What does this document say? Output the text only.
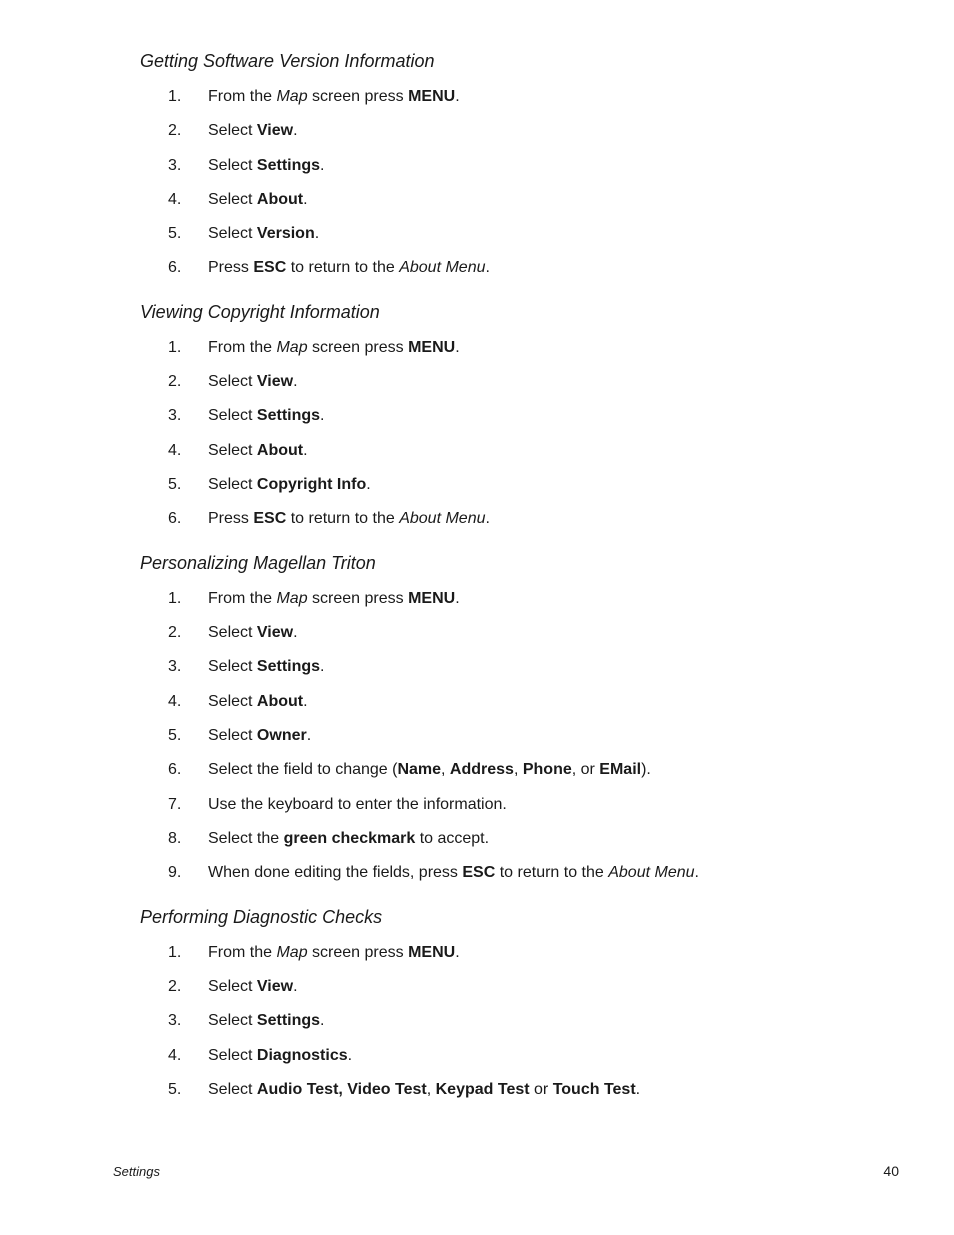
Getting Software Version Information
1.	From the Map screen press MENU.
2.	Select View.
3.	Select Settings.
4.	Select About.
5.	Select Version.
6.	Press ESC to return to the About Menu.
Viewing Copyright Information
1.	From the Map screen press MENU.
2.	Select View.
3.	Select Settings.
4.	Select About.
5.	Select Copyright Info.
6.	Press ESC to return to the About Menu.
Personalizing Magellan Triton
1.	From the Map screen press MENU.
2.	Select View.
3.	Select Settings.
4.	Select About.
5.	Select Owner.
6.	Select the field to change (Name, Address, Phone, or EMail).
7.	Use the keyboard to enter the information.
8.	Select the green checkmark to accept.
9.	When done editing the fields, press ESC to return to the About Menu.
Performing Diagnostic Checks
1.	From the Map screen press MENU.
2.	Select View.
3.	Select Settings.
4.	Select Diagnostics.
5.	Select Audio Test, Video Test, Keypad Test or Touch Test.
Settings	40
